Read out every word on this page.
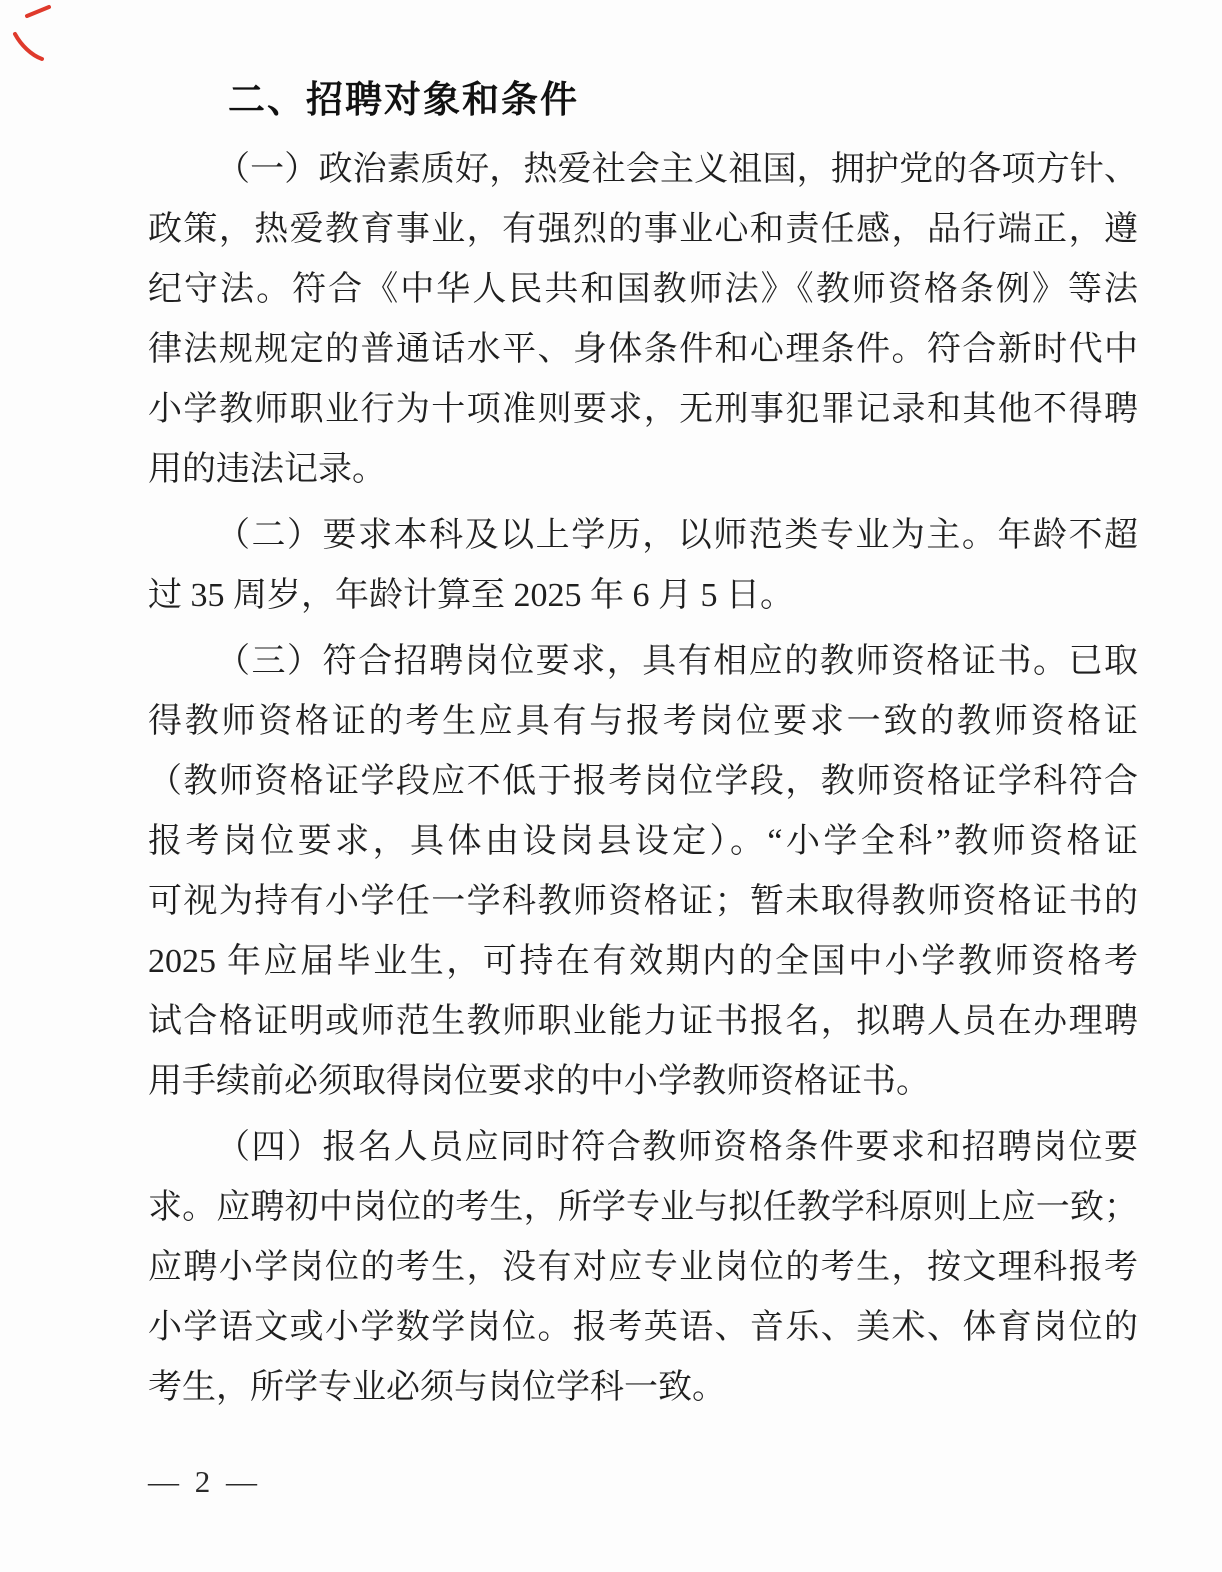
二、招聘对象和条件
（一）政治素质好，热爱社会主义祖国，拥护党的各项方针、
政策，热爱教育事业，有强烈的事业心和责任感，品行端正，遵
纪守法。符合《中华人民共和国教师法》《教师资格条例》等法
律法规规定的普通话水平、身体条件和心理条件。符合新时代中
小学教师职业行为十项准则要求，无刑事犯罪记录和其他不得聘
用的违法记录。
（二）要求本科及以上学历，以师范类专业为主。年龄不超
过 35 周岁，年龄计算至 2025 年 6 月 5 日。
（三）符合招聘岗位要求，具有相应的教师资格证书。已取
得教师资格证的考生应具有与报考岗位要求一致的教师资格证
（教师资格证学段应不低于报考岗位学段，教师资格证学科符合
报考岗位要求，具体由设岗县设定）。“小学全科”教师资格证
可视为持有小学任一学科教师资格证；暂未取得教师资格证书的
2025 年应届毕业生，可持在有效期内的全国中小学教师资格考
试合格证明或师范生教师职业能力证书报名，拟聘人员在办理聘
用手续前必须取得岗位要求的中小学教师资格证书。
（四）报名人员应同时符合教师资格条件要求和招聘岗位要
求。应聘初中岗位的考生，所学专业与拟任教学科原则上应一致；
应聘小学岗位的考生，没有对应专业岗位的考生，按文理科报考
小学语文或小学数学岗位。报考英语、音乐、美术、体育岗位的
考生，所学专业必须与岗位学科一致。
— 2 —
